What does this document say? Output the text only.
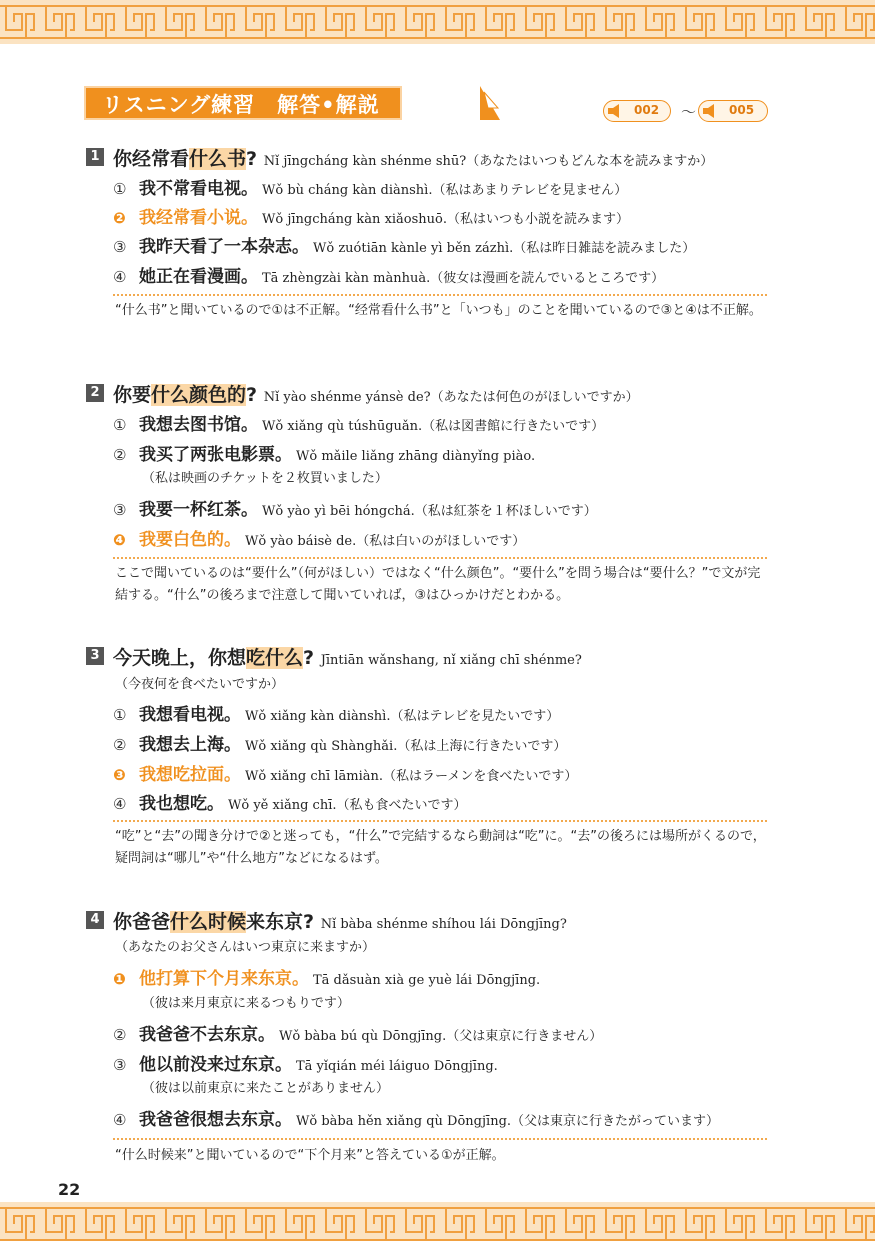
リスニング練習　解答•解説	002 〜	005
1 你经常看什么书? Nǐ jīngcháng kàn shénme shū?（あなたはいつもどんな本を読みますか）
① 我不常看电视。 Wǒ bù cháng kàn diànshì.（私はあまりテレビを見ません）
❷ 我经常看小说。 Wǒ jīngcháng kàn xiǎoshuō.（私はいつも小説を読みます）
③ 我昨天看了一本杂志。 Wǒ zuótiān kànle yì běn zázhì.（私は昨日雑誌を読みました）
④ 她正在看漫画。 Tā zhèngzài kàn mànhuà.（彼女は漫画を読んでいるところです）
“什么书”と聞いているので①は不正解。“经常看什么书”と「いつも」のことを聞いているので③と④は不正解。
2 你要什么颜色的? Nǐ yào shénme yánsè de?（あなたは何色のがほしいですか）
① 我想去图书馆。 Wǒ xiǎng qù túshūguǎn.（私は図書館に行きたいです）
② 我买了两张电影票。 Wǒ mǎile liǎng zhāng diànyǐng piào.
（私は映画のチケットを２枚買いました）
③ 我要一杯红茶。 Wǒ yào yì bēi hóngchá.（私は紅茶を１杯ほしいです）
❹ 我要白色的。 Wǒ yào báisè de.（私は白いのがほしいです）
ここで聞いているのは“要什么”（何がほしい）ではなく“什么颜色”。“要什么”を問う場合は“要什么？”で文が完結する。“什么”の後ろまで注意して聞いていれば，③はひっかけだとわかる。
3 今天晚上，你想吃什么? Jīntiān wǎnshang, nǐ xiǎng chī shénme?
（今夜何を食べたいですか）
① 我想看电视。 Wǒ xiǎng kàn diànshì.（私はテレビを見たいです）
② 我想去上海。 Wǒ xiǎng qù Shànghǎi.（私は上海に行きたいです）
❸ 我想吃拉面。 Wǒ xiǎng chī lāmiàn.（私はラーメンを食べたいです）
④ 我也想吃。 Wǒ yě xiǎng chī.（私も食べたいです）
“吃”と“去”の聞き分けで②と迷っても，“什么”で完結するなら動詞は“吃”に。“去”の後ろには場所がくるので，疑問詞は“哪儿”や“什么地方”などになるはず。
4 你爸爸什么时候来东京? Nǐ bàba shénme shíhou lái Dōngjīng?
（あなたのお父さんはいつ東京に来ますか）
❶ 他打算下个月来东京。 Tā dǎsuàn xià ge yuè lái Dōngjīng.
（彼は来月東京に来るつもりです）
② 我爸爸不去东京。 Wǒ bàba bú qù Dōngjīng.（父は東京に行きません）
③ 他以前没来过东京。 Tā yǐqián méi láiguo Dōngjīng.
（彼は以前東京に来たことがありません）
④ 我爸爸很想去东京。 Wǒ bàba hěn xiǎng qù Dōngjīng.（父は東京に行きたがっています）
“什么时候来”と聞いているので“下个月来”と答えている①が正解。
22
